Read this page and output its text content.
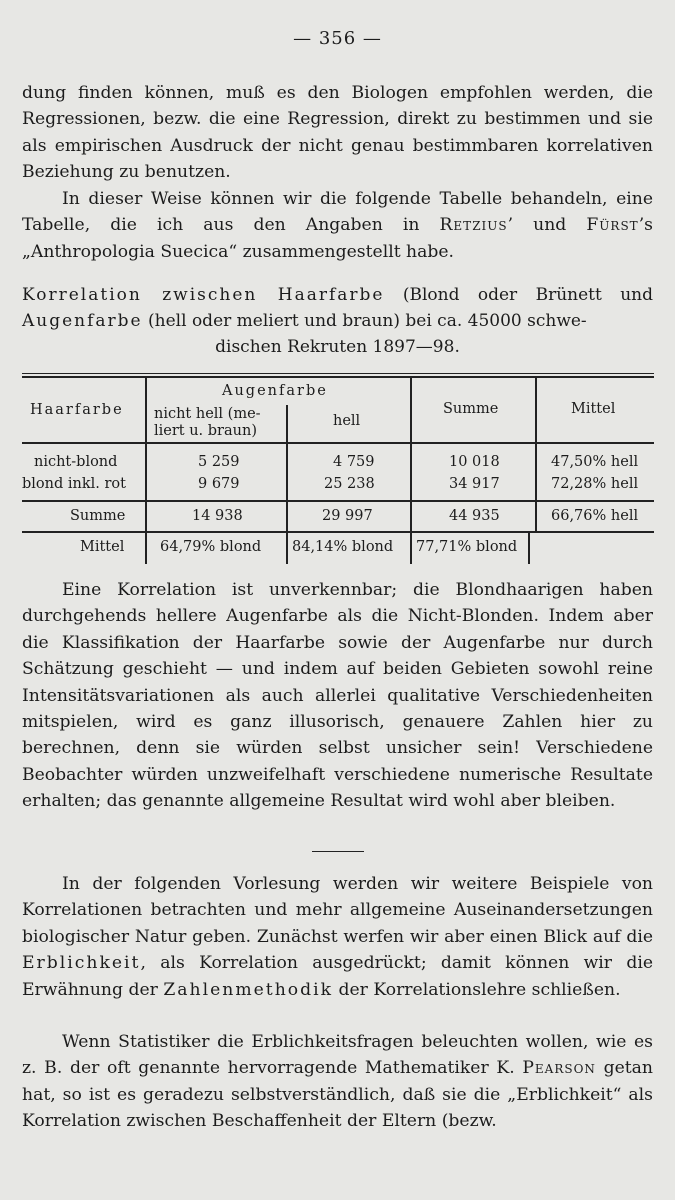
— 356 —

dung finden können, muß es den Biologen empfohlen werden, die Regressionen, bezw. die eine Regression, direkt zu bestimmen und sie als empirischen Ausdruck der nicht genau bestimmbaren korrelativen Beziehung zu benutzen.

In dieser Weise können wir die folgende Tabelle behandeln, eine Tabelle, die ich aus den Angaben in Retzius’ und Fürst’s „Anthropologia Suecica“ zusammengestellt habe.

Korrelation zwischen Haarfarbe (Blond oder Brünett und Augenfarbe (hell oder meliert und braun) bei ca. 45000 schwe-
dischen Rekruten 1897—98.

Haarfarbe
Augenfarbe
nicht hell (me-
liert u. braun)
hell
Summe	Mittel
nicht-blond	5 259	4 759	10 018	47,50% hell
blond inkl. rot	9 679	25 238	34 917	72,28% hell
Summe	14 938	29 997	44 935	66,76% hell
Mittel 64,79% blond 84,14% blond 77,71% blond

Eine Korrelation ist unverkennbar; die Blondhaarigen haben durchgehends hellere Augenfarbe als die Nicht-Blonden. Indem aber die Klassifikation der Haarfarbe sowie der Augenfarbe nur durch Schätzung geschieht — und indem auf beiden Gebieten sowohl reine Intensitätsvariationen als auch allerlei qualitative Verschiedenheiten mitspielen, wird es ganz illusorisch, genauere Zahlen hier zu berechnen, denn sie würden selbst unsicher sein! Verschiedene Beobachter würden unzweifelhaft verschiedene numerische Resultate erhalten; das genannte allgemeine Resultat wird wohl aber bleiben.

In der folgenden Vorlesung werden wir weitere Beispiele von Korrelationen betrachten und mehr allgemeine Auseinandersetzungen biologischer Natur geben. Zunächst werfen wir aber einen Blick auf die Erblichkeit, als Korrelation ausgedrückt; damit können wir die Erwähnung der Zahlenmethodik der Korrelationslehre schließen.

Wenn Statistiker die Erblichkeitsfragen beleuchten wollen, wie es z. B. der oft genannte hervorragende Mathematiker K. Pearson getan hat, so ist es geradezu selbstverständlich, daß sie die „Erblichkeit“ als Korrelation zwischen Beschaffenheit der Eltern (bezw.
